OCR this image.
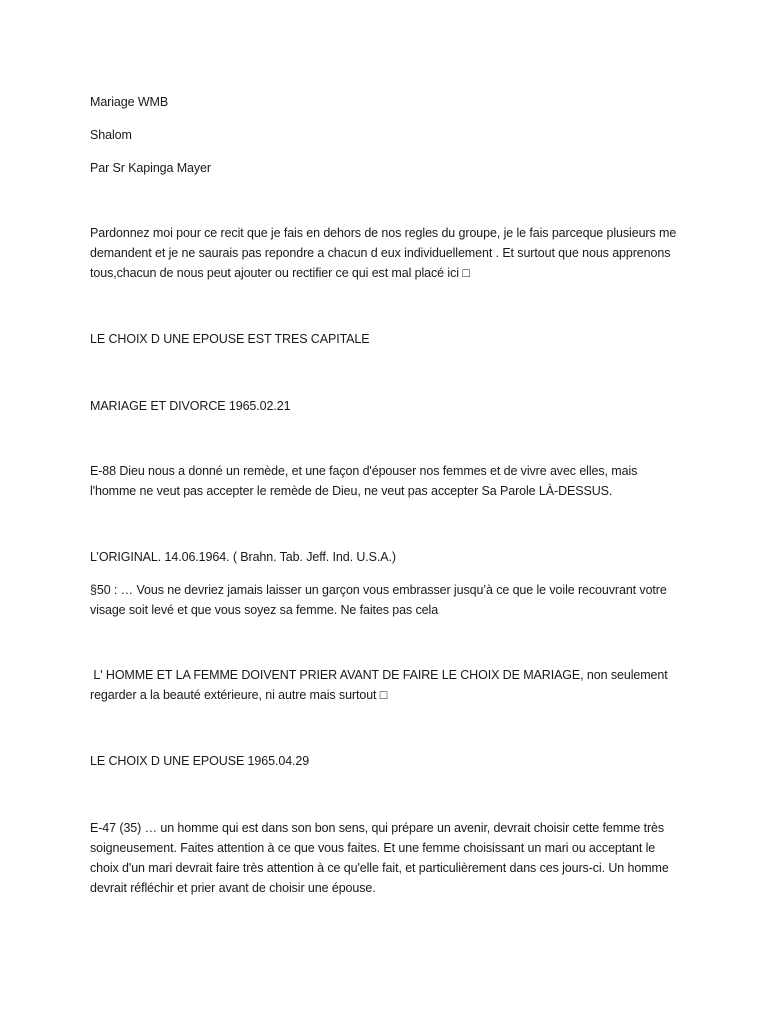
Mariage WMB
Shalom
Par Sr Kapinga Mayer
Pardonnez moi pour ce recit que je fais en dehors de nos regles du groupe, je le fais parceque plusieurs me demandent et je ne saurais pas repondre a chacun d eux individuellement . Et surtout que nous apprenons tous,chacun de nous peut ajouter ou rectifier ce qui est mal placé ici □
LE CHOIX D UNE EPOUSE EST TRES CAPITALE
MARIAGE ET DIVORCE 1965.02.21
E-88 Dieu nous a donné un remède, et une façon d'épouser nos femmes et de vivre avec elles, mais l'homme ne veut pas accepter le remède de Dieu, ne veut pas accepter Sa Parole LÀ-DESSUS.
L’ORIGINAL. 14.06.1964. ( Brahn. Tab. Jeff. Ind. U.S.A.)
§50 : … Vous ne devriez jamais laisser un garçon vous embrasser jusqu’à ce que le voile recouvrant votre visage soit levé et que vous soyez sa femme. Ne faites pas cela
L' HOMME ET LA FEMME DOIVENT PRIER AVANT DE FAIRE LE CHOIX DE MARIAGE, non seulement regarder a la beauté extérieure, ni autre mais surtout □
LE CHOIX D UNE EPOUSE 1965.04.29
E-47 (35) … un homme qui est dans son bon sens, qui prépare un avenir, devrait choisir cette femme très soigneusement. Faites attention à ce que vous faites. Et une femme choisissant un mari ou acceptant le choix d'un mari devrait faire très attention à ce qu'elle fait, et particulièrement dans ces jours-ci. Un homme devrait réfléchir et prier avant de choisir une épouse.
